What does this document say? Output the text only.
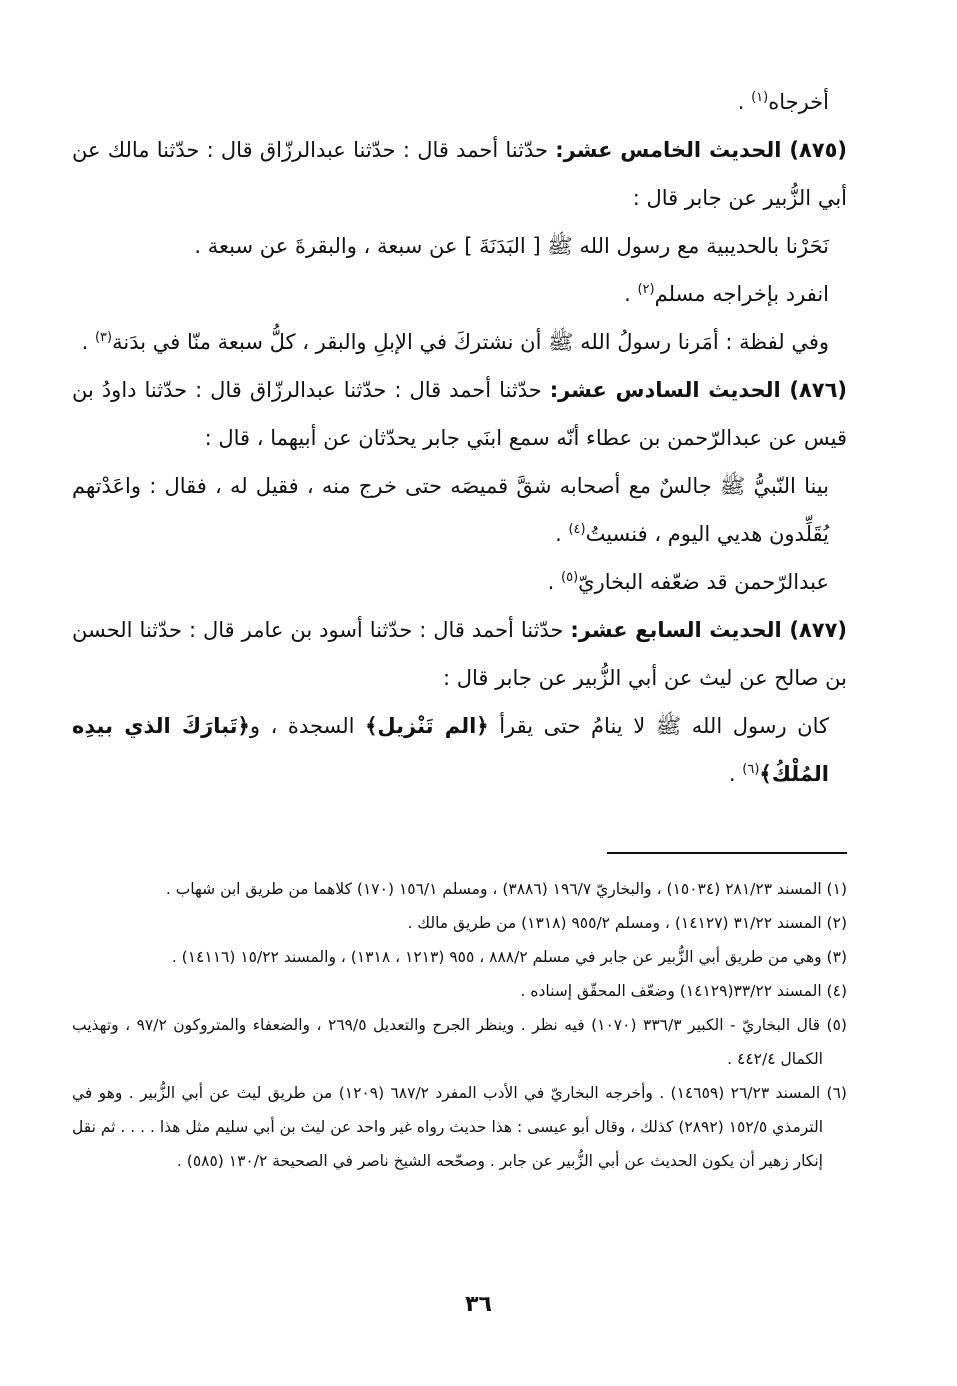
أخرجاه$^{(١)}$ .

(٨٧٥) الحديث الخامس عشر: حدّثنا أحمد قال : حدّثنا عبدالرزّاق قال : حدّثنا مالك عن أبي الزُّبير عن جابر قال :

نَحَرْنا بالحديبية مع رسول الله ﷺ [ البَدَنَةَ ] عن سبعة ، والبقرةَ عن سبعة .

انفرد بإخراجه مسلم$^{(٢)}$ .

وفي لفظة : أمَرنا رسولُ الله ﷺ أن نشتركَ في الإبلِ والبقر ، كلُّ سبعة منّا في بدَنة$^{(٣)}$ .

(٨٧٦) الحديث السادس عشر: حدّثنا أحمد قال : حدّثنا عبدالرزّاق قال : حدّثنا داودُ بن قيس عن عبدالرّحمن بن عطاء أنّه سمع ابنَي جابر يحدّثان عن أبيهما ، قال :

بينا النّبيُّ ﷺ جالسٌ مع أصحابه شقَّ قميصَه حتى خرج منه ، فقيل له ، فقال : واعَدْتهم يُقَلِّدون هديي اليوم ، فنسيتُ$^{(٤)}$ .

عبدالرّحمن قد ضعّفه البخاريّ$^{(٥)}$ .

(٨٧٧) الحديث السابع عشر: حدّثنا أحمد قال : حدّثنا أسود بن عامر قال : حدّثنا الحسن بن صالح عن ليث عن أبي الزُّبير عن جابر قال :

كان رسول الله ﷺ لا ينامُ حتى يقرأ ﴿الم تَنْزيل﴾ السجدة ، و﴿تَبارَكَ الذي بيدِه المُلْكُ﴾$^{(٦)}$ .

(١) المسند ٢٨١/٢٣ (١٥٠٣٤) ، والبخاريّ ١٩٦/٧ (٣٨٨٦) ، ومسلم ١٥٦/١ (١٧٠) كلاهما من طريق ابن شهاب .

(٢) المسند ٣١/٢٢ (١٤١٢٧) ، ومسلم ٩٥٥/٢ (١٣١٨) من طريق مالك .

(٣) وهي من طريق أبي الزُّبير عن جابر في مسلم ٨٨٨/٢ ، ٩٥٥ (١٢١٣ ، ١٣١٨) ، والمسند ١٥/٢٢ (١٤١١٦) .

(٤) المسند ٣٣/٢٢(١٤١٢٩) وضعّف المحقّق إسناده .

(٥) قال البخاريّ - الكبير ٣٣٦/٣ (١٠٧٠) فيه نظر . وينظر الجرح والتعديل ٢٦٩/٥ ، والضعفاء والمتروكون ٩٧/٢ ، وتهذيب الكمال ٤٤٢/٤ .

(٦) المسند ٢٦/٢٣ (١٤٦٥٩) . وأخرجه البخاريّ في الأدب المفرد ٦٨٧/٢ (١٢٠٩) من طريق ليث عن أبي الزُّبير . وهو في الترمذي ١٥٢/٥ (٢٨٩٢) كذلك ، وقال أبو عيسى : هذا حديث رواه غير واحد عن ليث بن أبي سليم مثل هذا . . . . ثم نقل إنكار زهير أن يكون الحديث عن أبي الزُّبير عن جابر . وصحّحه الشيخ ناصر في الصحيحة ١٣٠/٢ (٥٨٥) .

٣٦
